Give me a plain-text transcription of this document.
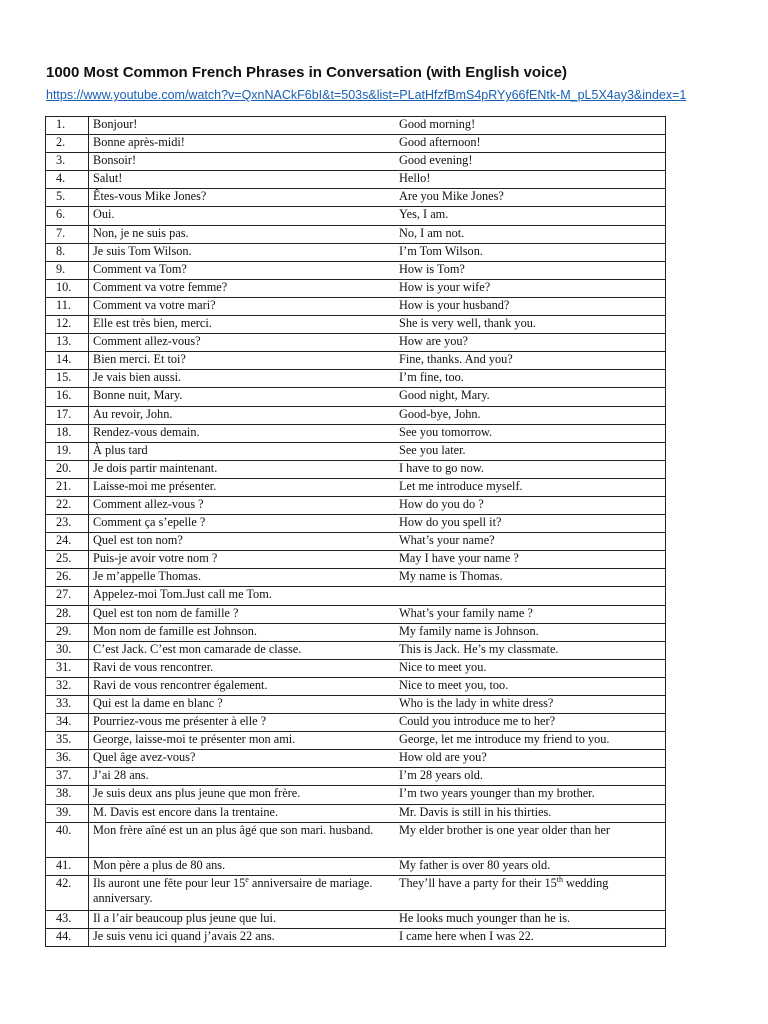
1000 Most Common French Phrases in Conversation (with English voice)
https://www.youtube.com/watch?v=QxnNACkF6bI&t=503s&list=PLatHfzfBmS4pRYy66fENtk-M_pL5X4ay3&index=1
1.	Bonjour!	Good morning!
2.	Bonne après-midi!	Good afternoon!
3.	Bonsoir!	Good evening!
4.	Salut!	Hello!
5.	Êtes-vous Mike Jones?	Are you Mike Jones?
6.	Oui.	Yes, I am.
7.	Non, je ne suis pas.	No, I am not.
8.	Je suis Tom Wilson.	I’m Tom Wilson.
9.	Comment va Tom?	How is Tom?
10.	Comment va votre femme?	How is your wife?
11.	Comment va votre mari?	How is your husband?
12.	Elle est très bien, merci.	She is very well, thank you.
13.	Comment allez-vous?	How are you?
14.	Bien merci. Et toi?	Fine, thanks. And you?
15.	Je vais bien aussi.	I’m fine, too.
16.	Bonne nuit, Mary.	Good night, Mary.
17.	Au revoir, John.	Good-bye, John.
18.	Rendez-vous demain.	See you tomorrow.
19.	À plus tard	See you later.
20.	Je dois partir maintenant.	I have to go now.
21.	Laisse-moi me présenter.	Let me introduce myself.
22.	Comment allez-vous ?	How do you do ?
23.	Comment ça s’epelle ?	How do you spell it?
24.	Quel est ton nom?	What’s your name?
25.	Puis-je avoir votre nom ?	May I have your name ?
26.	Je m’appelle Thomas.	My name is Thomas.
27.	Appelez-moi Tom.Just call me Tom.	
28.	Quel est ton nom de famille ?	What’s your family name ?
29.	Mon nom de famille est Johnson.	My family name is Johnson.
30.	C’est Jack. C’est mon camarade de classe.	This is Jack. He’s my classmate.
31.	Ravi de vous rencontrer.	Nice to meet you.
32.	Ravi de vous rencontrer également.	Nice to meet you, too.
33.	Qui est la dame en blanc ?	Who is the lady in white dress?
34.	Pourriez-vous me présenter à elle ?	Could you introduce me to her?
35.	George, laisse-moi te présenter mon ami.	George, let me introduce my friend to you.
36.	Quel âge avez-vous?	How old are you?
37.	J’ai 28 ans.	I’m 28 years old.
38.	Je suis deux ans plus jeune que mon frère.	I’m two years younger than my brother.
39.	M. Davis est encore dans la trentaine.	Mr. Davis is still in his thirties.
40.	Mon frère aîné est un an plus âgé que son mari. husband.	My elder brother is one year older than her
41.	Mon père a plus de 80 ans.	My father is over 80 years old.
42.	Ils auront une fête pour leur 15e anniversaire de mariage. anniversary.	They’ll have a party for their 15th wedding
43.	Il a l’air beaucoup plus jeune que lui.	He looks much younger than he is.
44.	Je suis venu ici quand j’avais 22 ans.	I came here when I was 22.
